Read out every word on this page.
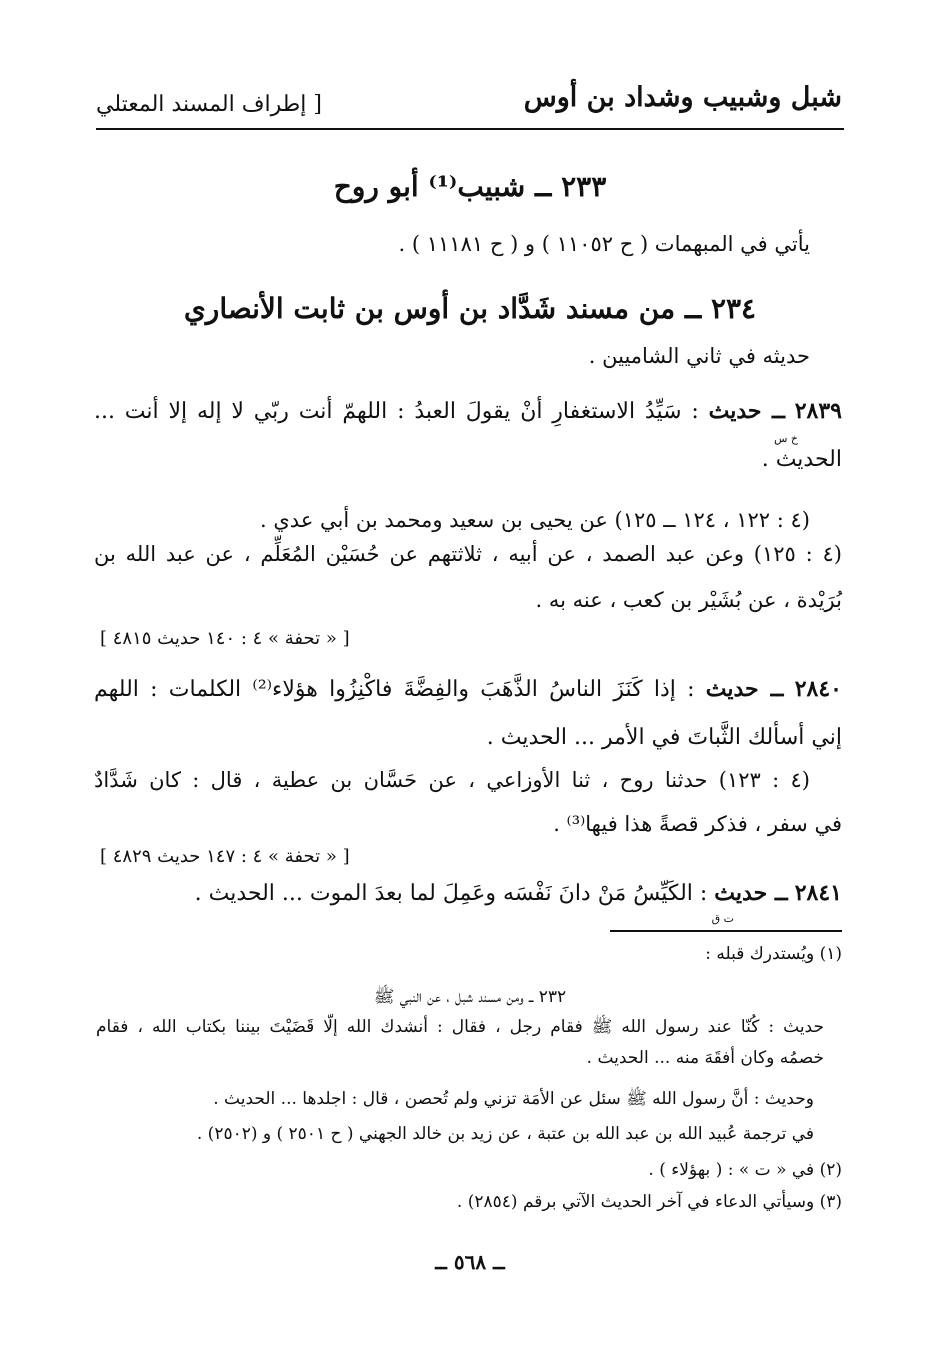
شبل وشبيب وشداد بن أوس
[ إطراف المسند المعتلي
٢٣٣ ــ شبيب⁽¹⁾ أبو روح
يأتي في المبهمات ( ح ١١٠٥٢ ) و ( ح ١١١٨١ ) .
٢٣٤ ــ من مسند شَدَّاد بن أوس بن ثابت الأنصاري
حديثه في ثاني الشاميين .
٢٨٣٩ ــ حديث : سَيِّدُ الاستغفارِ أنْ يقولَ العبدُ : اللهمّ أنت ربّي لا إله إلا أنت ...
خ س
الحديث .
(٤ : ١٢٢ ، ١٢٤ ــ ١٢٥) عن يحيى بن سعيد ومحمد بن أبي عدي .
(٤ : ١٢٥) وعن عبد الصمد ، عن أبيه ، ثلاثتهم عن حُسَيْن المُعَلِّم ، عن عبد الله بن
بُرَيْدة ، عن بُشَيْر بن كعب ، عنه به .
[ « تحفة » ٤ : ١٤٠ حديث ٤٨١٥ ]
٢٨٤٠ ــ حديث : إذا كَنَزَ الناسُ الذَّهَبَ والفِضَّةَ فاكْنِزُوا هؤلاء⁽²⁾ الكلمات : اللهم
إني أسألك الثَّباتَ في الأمر ... الحديث .
(٤ : ١٢٣) حدثنا روح ، ثنا الأوزاعي ، عن حَسَّان بن عطية ، قال : كان شَدَّادٌ
في سفر ، فذكر قصةً هذا فيها⁽³⁾ .
[ « تحفة » ٤ : ١٤٧ حديث ٤٨٢٩ ]
٢٨٤١ ــ حديث : الكَيِّسُ مَنْ دانَ نَفْسَه وعَمِلَ لما بعدَ الموت ... الحديث .
ت ق
(١) ويُستدرك قبله :
٢٣٢ ــ ومن مسند شبل ، عن النبي ﷺ
حديث : كُنّا عند رسول الله ﷺ فقام رجل ، فقال : أنشدك الله إلّا قَضَيْتَ بيننا بكتاب الله ، فقام
خصمُه وكان أفقَهَ منه ... الحديث .
وحديث : أنَّ رسول الله ﷺ سئل عن الأمَة تزني ولم تُحصن ، قال : اجلدها ... الحديث .
في ترجمة عُبيد الله بن عبد الله بن عتبة ، عن زيد بن خالد الجهني ( ح ٢٥٠١ ) و (٢٥٠٢) .
(٢) في « ت » : ( بهؤلاء ) .
(٣) وسيأتي الدعاء في آخر الحديث الآتي برقم (٢٨٥٤) .
ــ ٥٦٨ ــ
